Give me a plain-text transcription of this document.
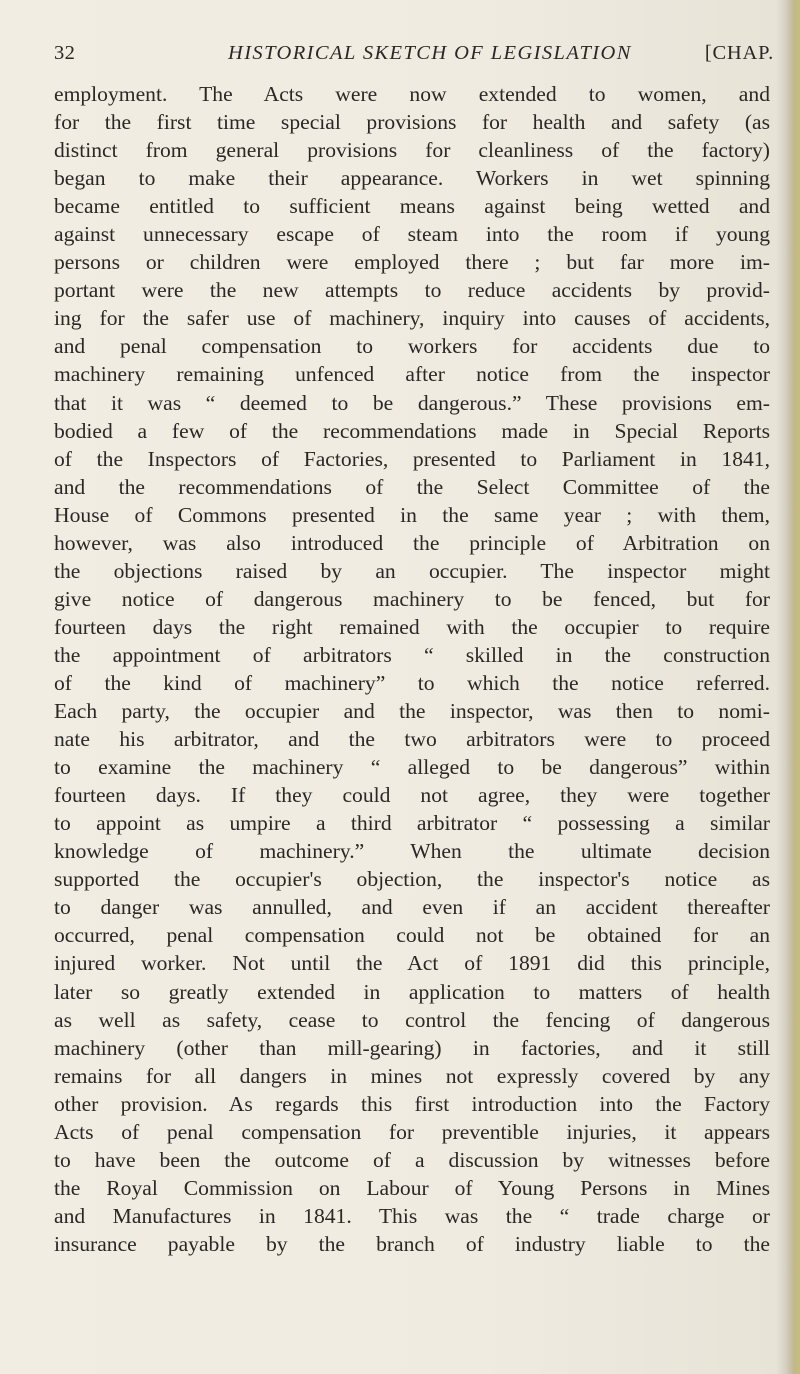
32	HISTORICAL SKETCH OF LEGISLATION	[CHAP.
employment. The Acts were now extended to women, and
for the first time special provisions for health and safety (as
distinct from general provisions for cleanliness of the factory)
began to make their appearance. Workers in wet spinning
became entitled to sufficient means against being wetted and
against unnecessary escape of steam into the room if young
persons or children were employed there ; but far more im-
portant were the new attempts to reduce accidents by provid-
ing for the safer use of machinery, inquiry into causes of accidents,
and penal compensation to workers for accidents due to
machinery remaining unfenced after notice from the inspector
that it was “ deemed to be dangerous.” These provisions em-
bodied a few of the recommendations made in Special Reports
of the Inspectors of Factories, presented to Parliament in 1841,
and the recommendations of the Select Committee of the
House of Commons presented in the same year ; with them,
however, was also introduced the principle of Arbitration on
the objections raised by an occupier. The inspector might
give notice of dangerous machinery to be fenced, but for
fourteen days the right remained with the occupier to require
the appointment of arbitrators “ skilled in the construction
of the kind of machinery” to which the notice referred.
Each party, the occupier and the inspector, was then to nomi-
nate his arbitrator, and the two arbitrators were to proceed
to examine the machinery “ alleged to be dangerous” within
fourteen days. If they could not agree, they were together
to appoint as umpire a third arbitrator “ possessing a similar
knowledge of machinery.” When the ultimate decision
supported the occupier's objection, the inspector's notice as
to danger was annulled, and even if an accident thereafter
occurred, penal compensation could not be obtained for an
injured worker. Not until the Act of 1891 did this principle,
later so greatly extended in application to matters of health
as well as safety, cease to control the fencing of dangerous
machinery (other than mill-gearing) in factories, and it still
remains for all dangers in mines not expressly covered by any
other provision. As regards this first introduction into the Factory
Acts of penal compensation for preventible injuries, it appears
to have been the outcome of a discussion by witnesses before
the Royal Commission on Labour of Young Persons in Mines
and Manufactures in 1841. This was the “ trade charge or
insurance payable by the branch of industry liable to the
